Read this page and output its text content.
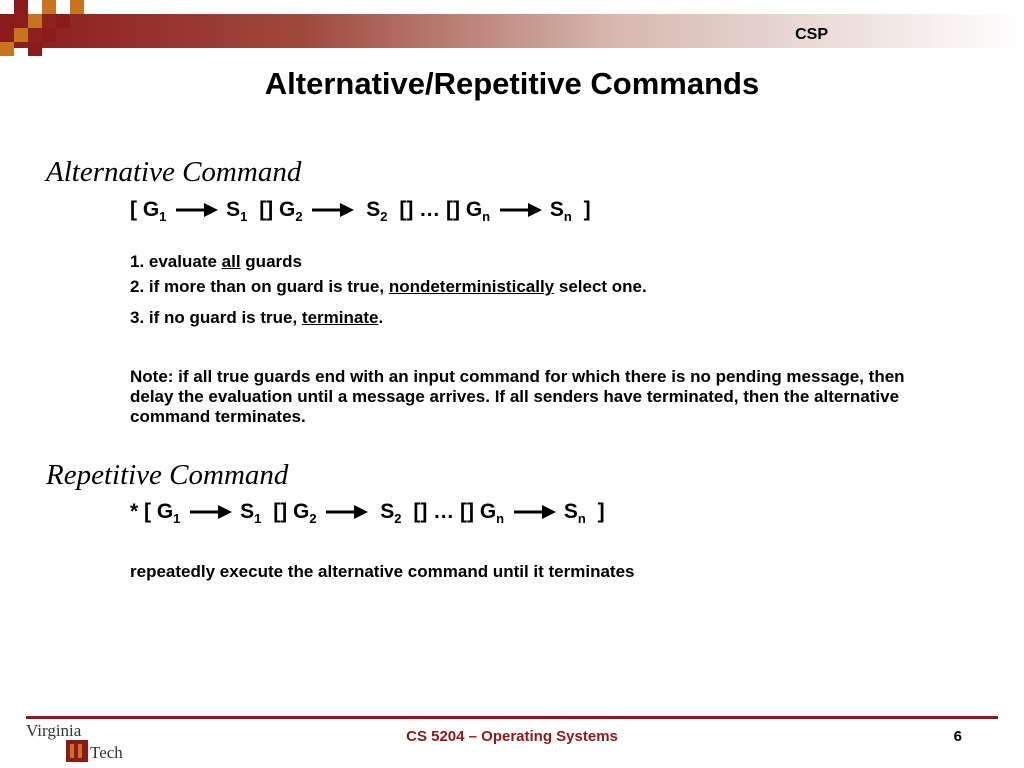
CSP
Alternative/Repetitive Commands
Alternative Command
[ $G_1$	$S_1$ [] $G_2$	$S_2$ [] … [] $G_n$	$S_n$ ]
1. evaluate all guards
2. if more than on guard is true, nondeterministically select one.
3. if no guard is true, terminate.
Note: if all true guards end with an input command for which there is no pending message, then delay the evaluation until a message arrives. If all senders have terminated, then the alternative command terminates.
Repetitive Command
* [ $G_1$	$S_1$ [] $G_2$	$S_2$ [] … [] $G_n$	$S_n$ ]
repeatedly execute the alternative command until it terminates
Virginia
Tech
CS 5204 – Operating Systems	6
